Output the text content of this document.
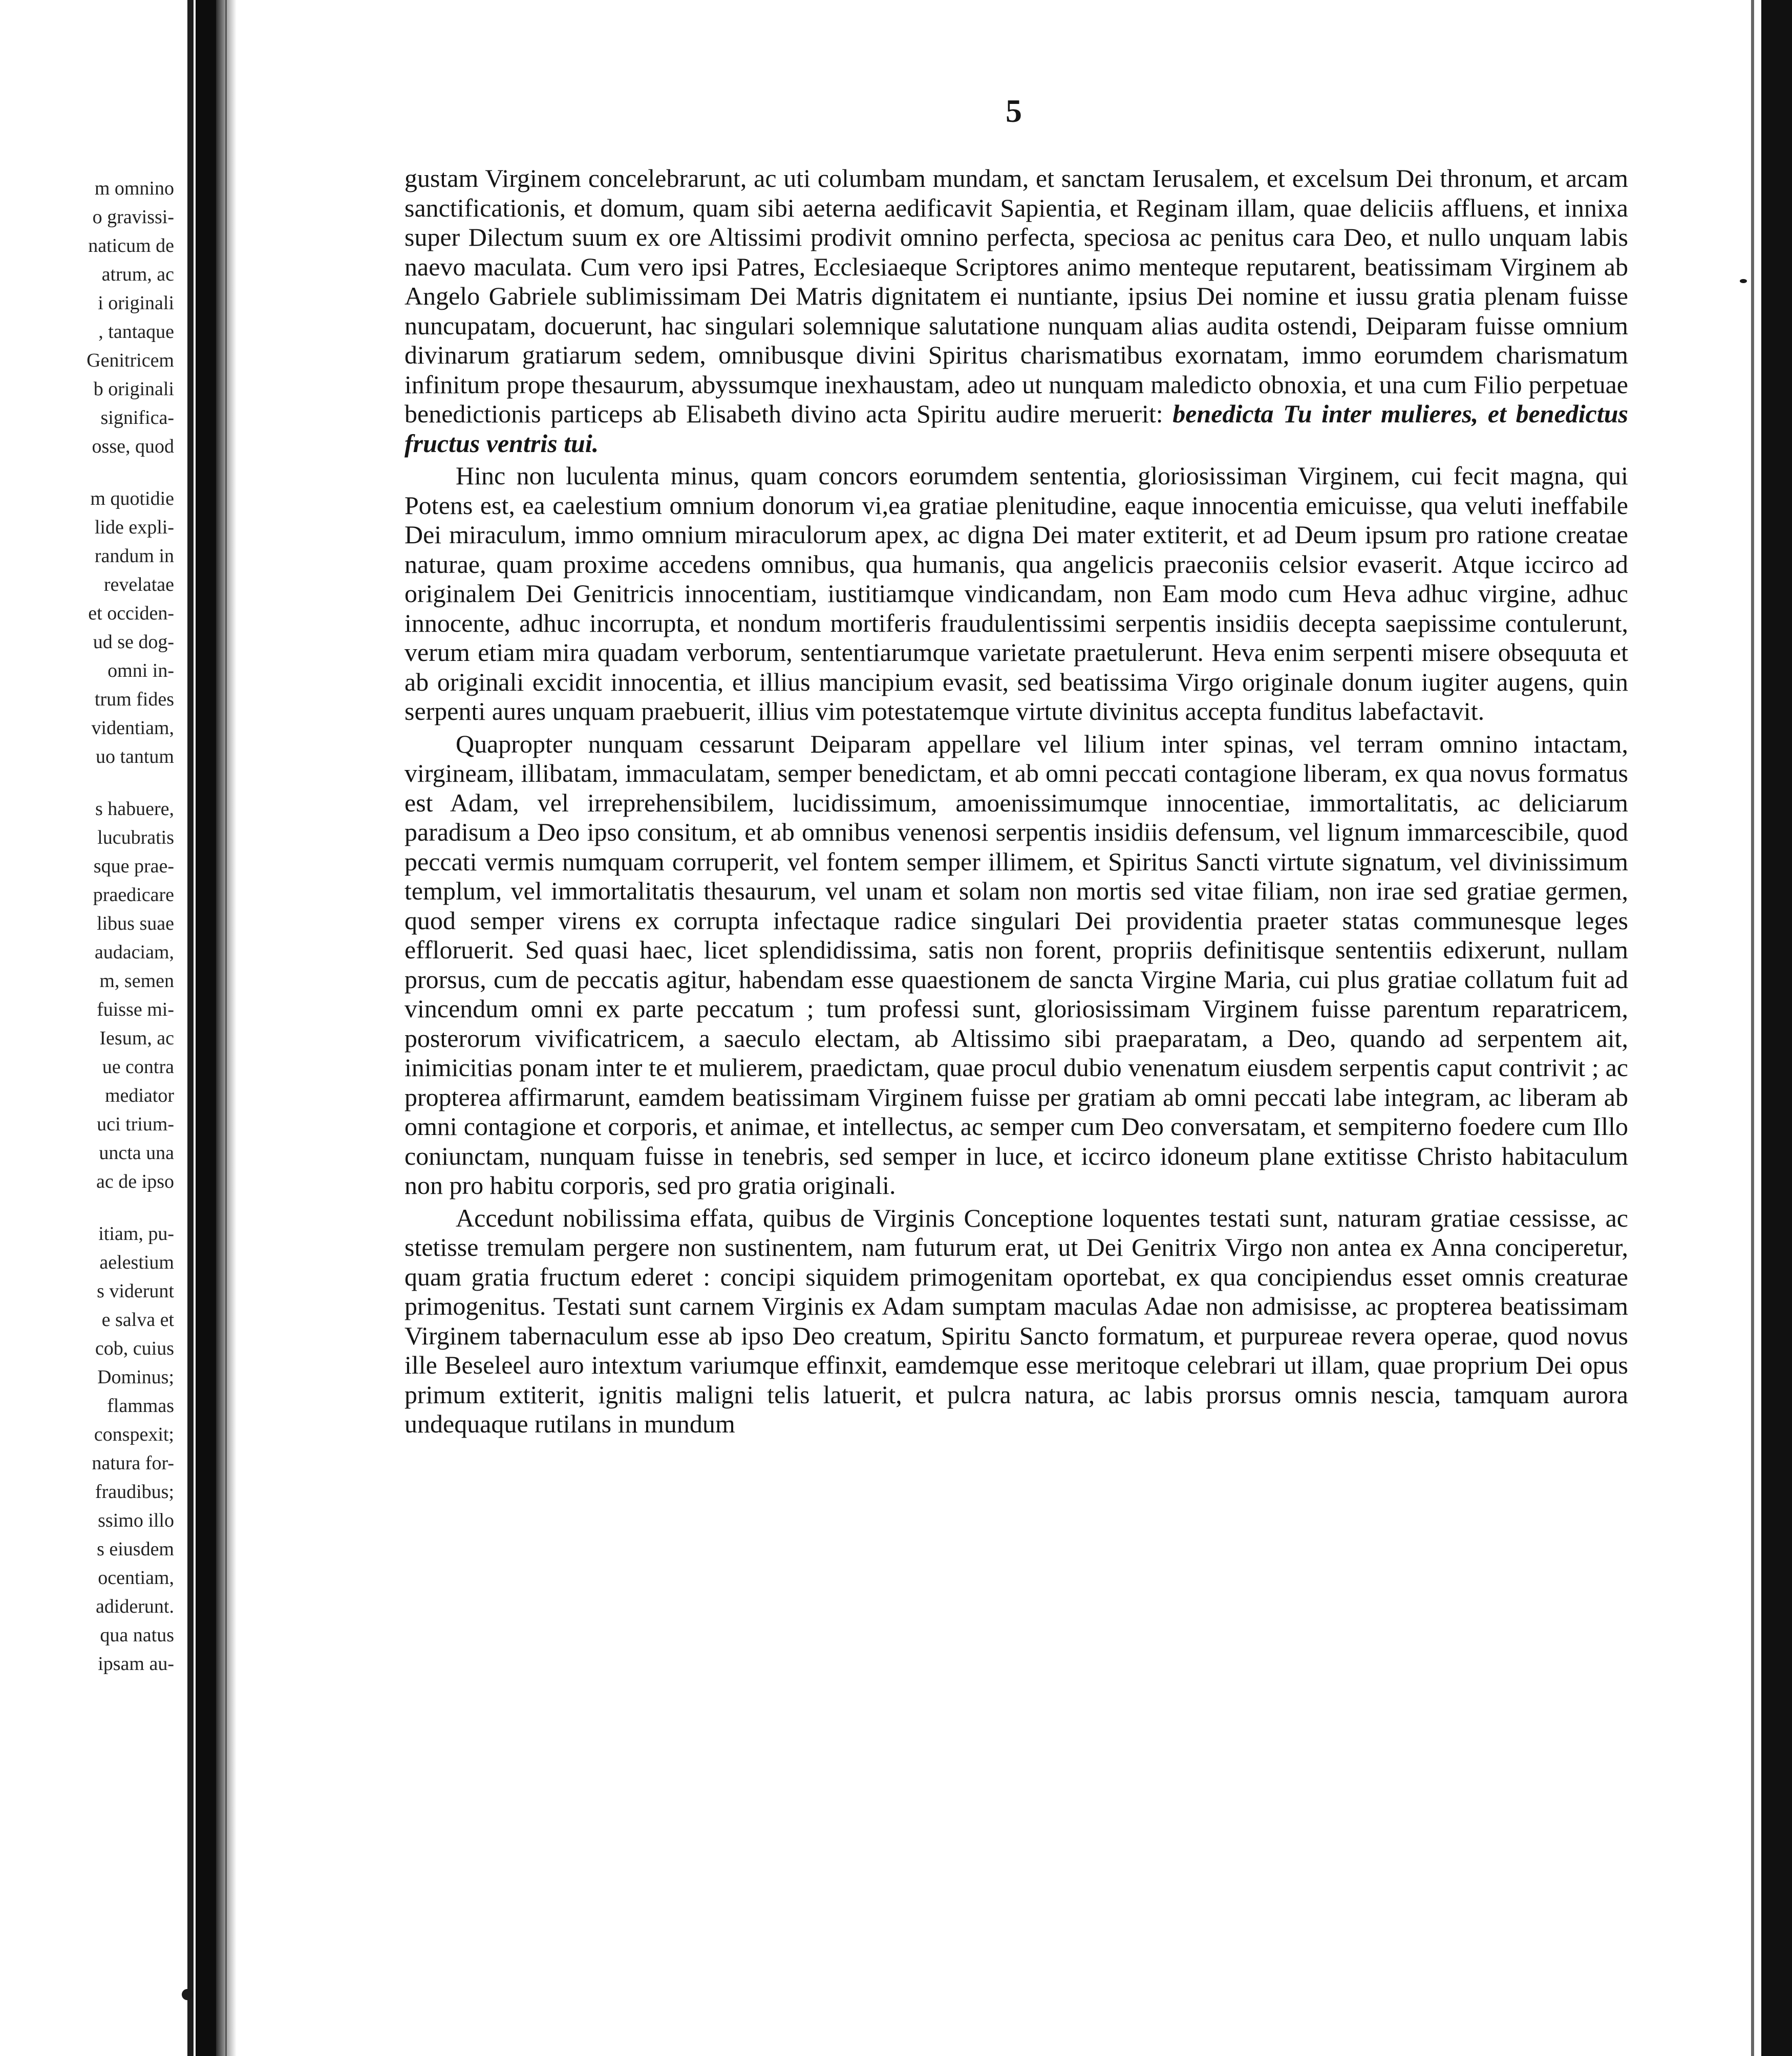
m omnino
o gravissi-
naticum de
atrum, ac
i originali
, tantaque
Genitricem
b originali
significa-
osse, quod
m quotidie
lide expli-
randum in
revelatae
et occiden-
ud se dog-
omni in-
trum fides
videntiam,
uo tantum
s habuere,
lucubratis
sque prae-
praedicare
libus suae
audaciam,
m, semen
fuisse mi-
Iesum, ac
ue contra
mediator
uci trium-
uncta una
ac de ipso
itiam, pu-
aelestium
s viderunt
e salva et
cob, cuius
Dominus;
flammas
conspexit;
natura for-
fraudibus;
ssimo illo
s eiusdem
ocentiam,
adiderunt.
qua natus
ipsam au-
5

gustam Virginem concelebrarunt, ac uti columbam mundam, et sanctam Ierusalem, et excelsum Dei thronum, et arcam sanctificationis, et domum, quam sibi aeterna aedificavit Sapientia, et Reginam illam, quae deliciis affluens, et innixa super Dilectum suum ex ore Altissimi prodivit omnino perfecta, speciosa ac penitus cara Deo, et nullo unquam labis naevo maculata. Cum vero ipsi Patres, Ecclesiaeque Scriptores animo menteque reputarent, beatissimam Virginem ab Angelo Gabriele sublimissimam Dei Matris dignitatem ei nuntiante, ipsius Dei nomine et iussu gratia plenam fuisse nuncupatam, docuerunt, hac singulari solemnique salutatione nunquam alias audita ostendi, Deiparam fuisse omnium divinarum gratiarum sedem, omnibusque divini Spiritus charismatibus exornatam, immo eorumdem charismatum infinitum prope thesaurum, abyssumque inexhaustam, adeo ut nunquam maledicto obnoxia, et una cum Filio perpetuae benedictionis particeps ab Elisabeth divino acta Spiritu audire meruerit: benedicta Tu inter mulieres, et benedictus fructus ventris tui.

Hinc non luculenta minus, quam concors eorumdem sententia, gloriosissiman Virginem, cui fecit magna, qui Potens est, ea caelestium omnium donorum vi,ea gratiae plenitudine, eaque innocentia emicuisse, qua veluti ineffabile Dei miraculum, immo omnium miraculorum apex, ac digna Dei mater extiterit, et ad Deum ipsum pro ratione creatae naturae, quam proxime accedens omnibus, qua humanis, qua angelicis praeconiis celsior evaserit. Atque iccirco ad originalem Dei Genitricis innocentiam, iustitiamque vindicandam, non Eam modo cum Heva adhuc virgine, adhuc innocente, adhuc incorrupta, et nondum mortiferis fraudulentissimi serpentis insidiis decepta saepissime contulerunt, verum etiam mira quadam verborum, sententiarumque varietate praetulerunt. Heva enim serpenti misere obsequuta et ab originali excidit innocentia, et illius mancipium evasit, sed beatissima Virgo originale donum iugiter augens, quin serpenti aures unquam praebuerit, illius vim potestatemque virtute divinitus accepta funditus labefactavit.

Quapropter nunquam cessarunt Deiparam appellare vel lilium inter spinas, vel terram omnino intactam, virgineam, illibatam, immaculatam, semper benedictam, et ab omni peccati contagione liberam, ex qua novus formatus est Adam, vel irreprehensibilem, lucidissimum, amoenissimumque innocentiae, immortalitatis, ac deliciarum paradisum a Deo ipso consitum, et ab omnibus venenosi serpentis insidiis defensum, vel lignum immarcescibile, quod peccati vermis numquam corruperit, vel fontem semper illimem, et Spiritus Sancti virtute signatum, vel divinissimum templum, vel immortalitatis thesaurum, vel unam et solam non mortis sed vitae filiam, non irae sed gratiae germen, quod semper virens ex corrupta infectaque radice singulari Dei providentia praeter statas communesque leges effloruerit. Sed quasi haec, licet splendidissima, satis non forent, propriis definitisque sententiis edixerunt, nullam prorsus, cum de peccatis agitur, habendam esse quaestionem de sancta Virgine Maria, cui plus gratiae collatum fuit ad vincendum omni ex parte peccatum ; tum professi sunt, gloriosissimam Virginem fuisse parentum reparatricem, posterorum vivificatricem, a saeculo electam, ab Altissimo sibi praeparatam, a Deo, quando ad serpentem ait, inimicitias ponam inter te et mulierem, praedictam, quae procul dubio venenatum eiusdem serpentis caput contrivit ; ac propterea affirmarunt, eamdem beatissimam Virginem fuisse per gratiam ab omni peccati labe integram, ac liberam ab omni contagione et corporis, et animae, et intellectus, ac semper cum Deo conversatam, et sempiterno foedere cum Illo coniunctam, nunquam fuisse in tenebris, sed semper in luce, et iccirco idoneum plane extitisse Christo habitaculum non pro habitu corporis, sed pro gratia originali.

Accedunt nobilissima effata, quibus de Virginis Conceptione loquentes testati sunt, naturam gratiae cessisse, ac stetisse tremulam pergere non sustinentem, nam futurum erat, ut Dei Genitrix Virgo non antea ex Anna conciperetur, quam gratia fructum ederet : concipi siquidem primogenitam oportebat, ex qua concipiendus esset omnis creaturae primogenitus. Testati sunt carnem Virginis ex Adam sumptam maculas Adae non admisisse, ac propterea beatissimam Virginem tabernaculum esse ab ipso Deo creatum, Spiritu Sancto formatum, et purpureae revera operae, quod novus ille Beseleel auro intextum variumque effinxit, eamdemque esse meritoque celebrari ut illam, quae proprium Dei opus primum extiterit, ignitis maligni telis latuerit, et pulcra natura, ac labis prorsus omnis nescia, tamquam aurora undequaque rutilans in mundum
